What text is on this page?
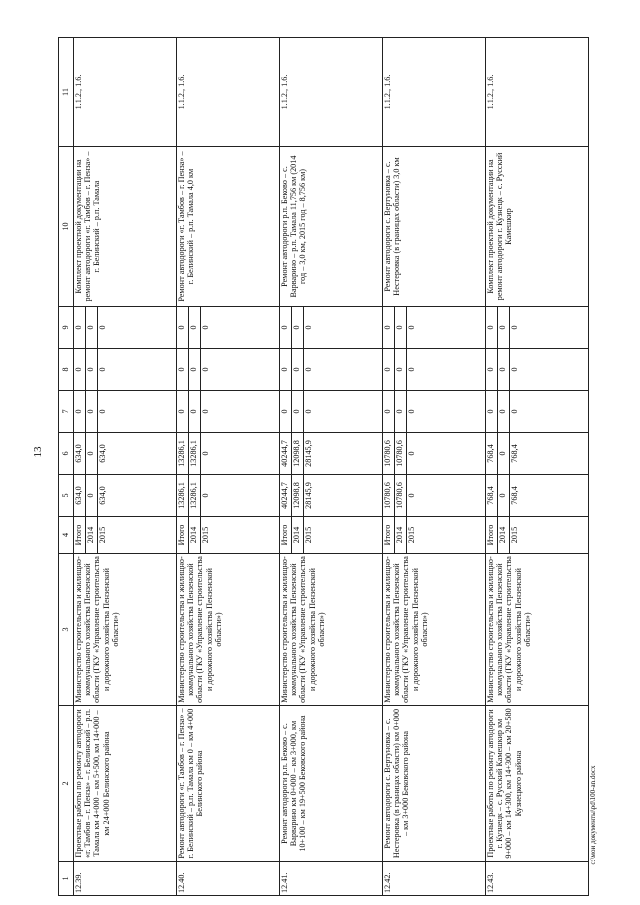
13
c:\мои документы\pd\100-an.docx
1	2	3	4	5	6	7	8	9	10	11
12.39.	Проектные работы по ремонту автодороги «г. Тамбов – г. Пенза» – г. Белинский – р.п. Тамала км 4+000 – км 5+500, км 14+000 – км 24+000 Белинского района	Министерство строительства и жилищно-коммунального хозяйства Пензенской области (ГКУ «Управление строительства и дорожного хозяйства Пензенской области»)	Итого	634,0	634,0	0	0	0	Комплект проектной документации на ремонт автодороги «г. Тамбов – г. Пенза» – г. Белинский – р.п. Тамала	1.1.2., 1.6.
			2014	0	0	0	0	0		
			2015	634,0	634,0	0	0	0		
12.40.	Ремонт автодороги «г. Тамбов – г. Пенза» – г. Белинский – р.п. Тамала км 0 – км 4+000 Белинского района	Министерство строительства и жилищно-коммунального хозяйства Пензенской области (ГКУ «Управление строительства и дорожного хозяйства Пензенской области»)	Итого	13286,1	13286,1	0	0	0	Ремонт автодороги «г. Тамбов – г. Пенза» – г. Белинский – р.п. Тамала 4,0 км	1.1.2., 1.6.
			2014	13286,1	13286,1	0	0	0		
			2015	0	0	0	0	0		
12.41.	Ремонт автодороги р.п. Беково – с. Варварино км 0+000 – км 3+000, км 10+100 – км 19+500 Бековского района	Министерство строительства и жилищно-коммунального хозяйства Пензенской области (ГКУ «Управление строительства и дорожного хозяйства Пензенской области»)	Итого	40244,7	40244,7	0	0	0	Ремонт автодороги р.п. Беково – с. Варварино – р.п. Тамала 11,756 км (2014 год – 3,0 км, 2015 год – 8,756 км)	1.1.2., 1.6.
			2014	12098,8	12098,8	0	0	0		
			2015	28145,9	28145,9	0	0	0		
12.42.	Ремонт автодороги с. Вертуновка – с. Нестеровка (в границах области) км 0+000 – км 3+000 Бековского района	Министерство строительства и жилищно-коммунального хозяйства Пензенской области (ГКУ «Управление строительства и дорожного хозяйства Пензенской области»)	Итого	10780,6	10780,6	0	0	0	Ремонт автодороги с. Вертуновка – с. Нестеровка (в границах области) 3,0 км	1.1.2., 1.6.
			2014	10780,6	10780,6	0	0	0		
			2015	0	0	0	0	0		
12.43.	Проектные работы по ремонту автодороги г. Кузнецк – с. Русский Камешкир км 9+000 – км 14+300, км 14+300 – км 20+580 Кузнецкого района	Министерство строительства и жилищно-коммунального хозяйства Пензенской области (ГКУ «Управление строительства и дорожного хозяйства Пензенской области»)	Итого	768,4	768,4	0	0	0	Комплект проектной документации на ремонт автодороги г. Кузнецк – с. Русский Камешкир	1.1.2., 1.6.
			2014	0	0	0	0	0		
			2015	768,4	768,4	0	0	0		
